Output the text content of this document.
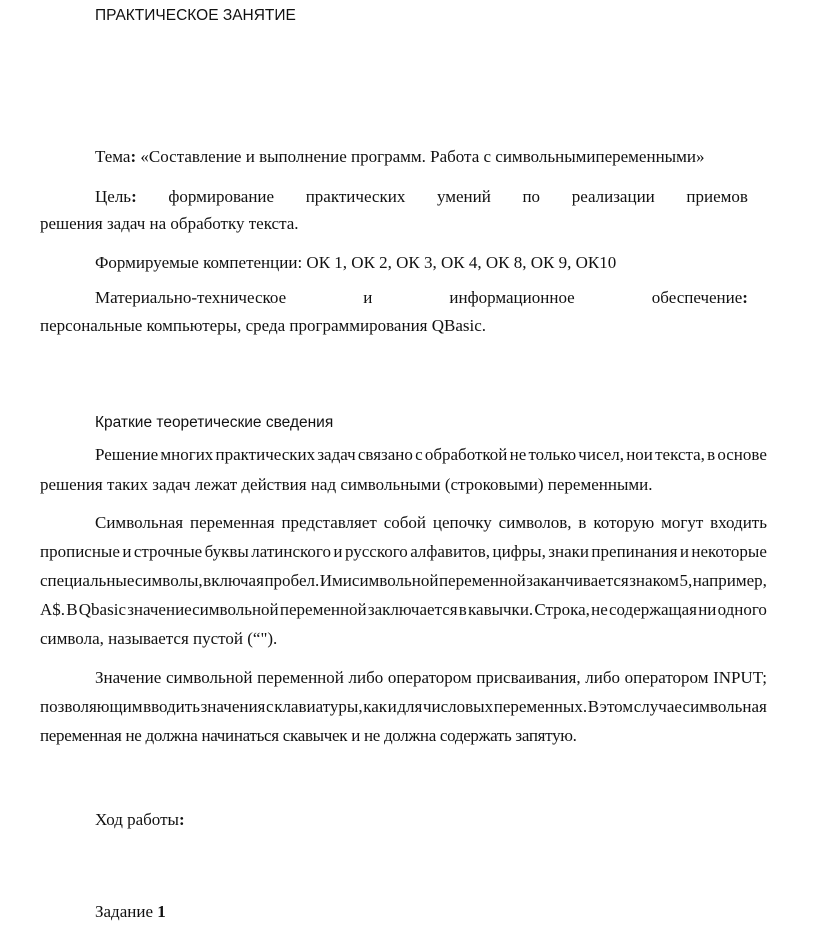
ПРАКТИЧЕСКОЕ ЗАНЯТИЕ
Тема: «Составление и выполнение программ. Работа с символьнымипеременными»
Цель: формирование практических умений по реализации приемов
решения задач на обработку текста.
Формируемые компетенции: ОК 1, ОК 2, ОК 3, ОК 4, ОК 8, ОК 9, ОК10
Материально-техническое	и	информационное	обеспечение:
персональные компьютеры, среда программирования QBasic.
Краткие теоретические сведения
Решение многих практических задач связано с обработкой не только чисел, нои текста, в основе
решения таких задач лежат действия над символьными (строковыми) переменными.
Символьная переменная представляет собой цепочку символов, в которую могут входить
прописные и строчные буквы латинского и русского алфавитов, цифры, знаки препинания и некоторые
специальные символы, включая пробел. Имисимвольной переменной заканчивается знаком 5, например,
A$. В Qbasic значениесимвольной переменной заключается в кавычки. Строка, не содержащая ни одного
символа, называется пустой (“").
Значение символьной переменной либо оператором присваивания, либо оператором INPUT;
позволяющим вводить значения с клавиатуры, как и для числовых переменных. В этом случае символьная
переменная не должна начинаться скавычек и не должна содержать запятую.
Ход работы:
Задание 1
